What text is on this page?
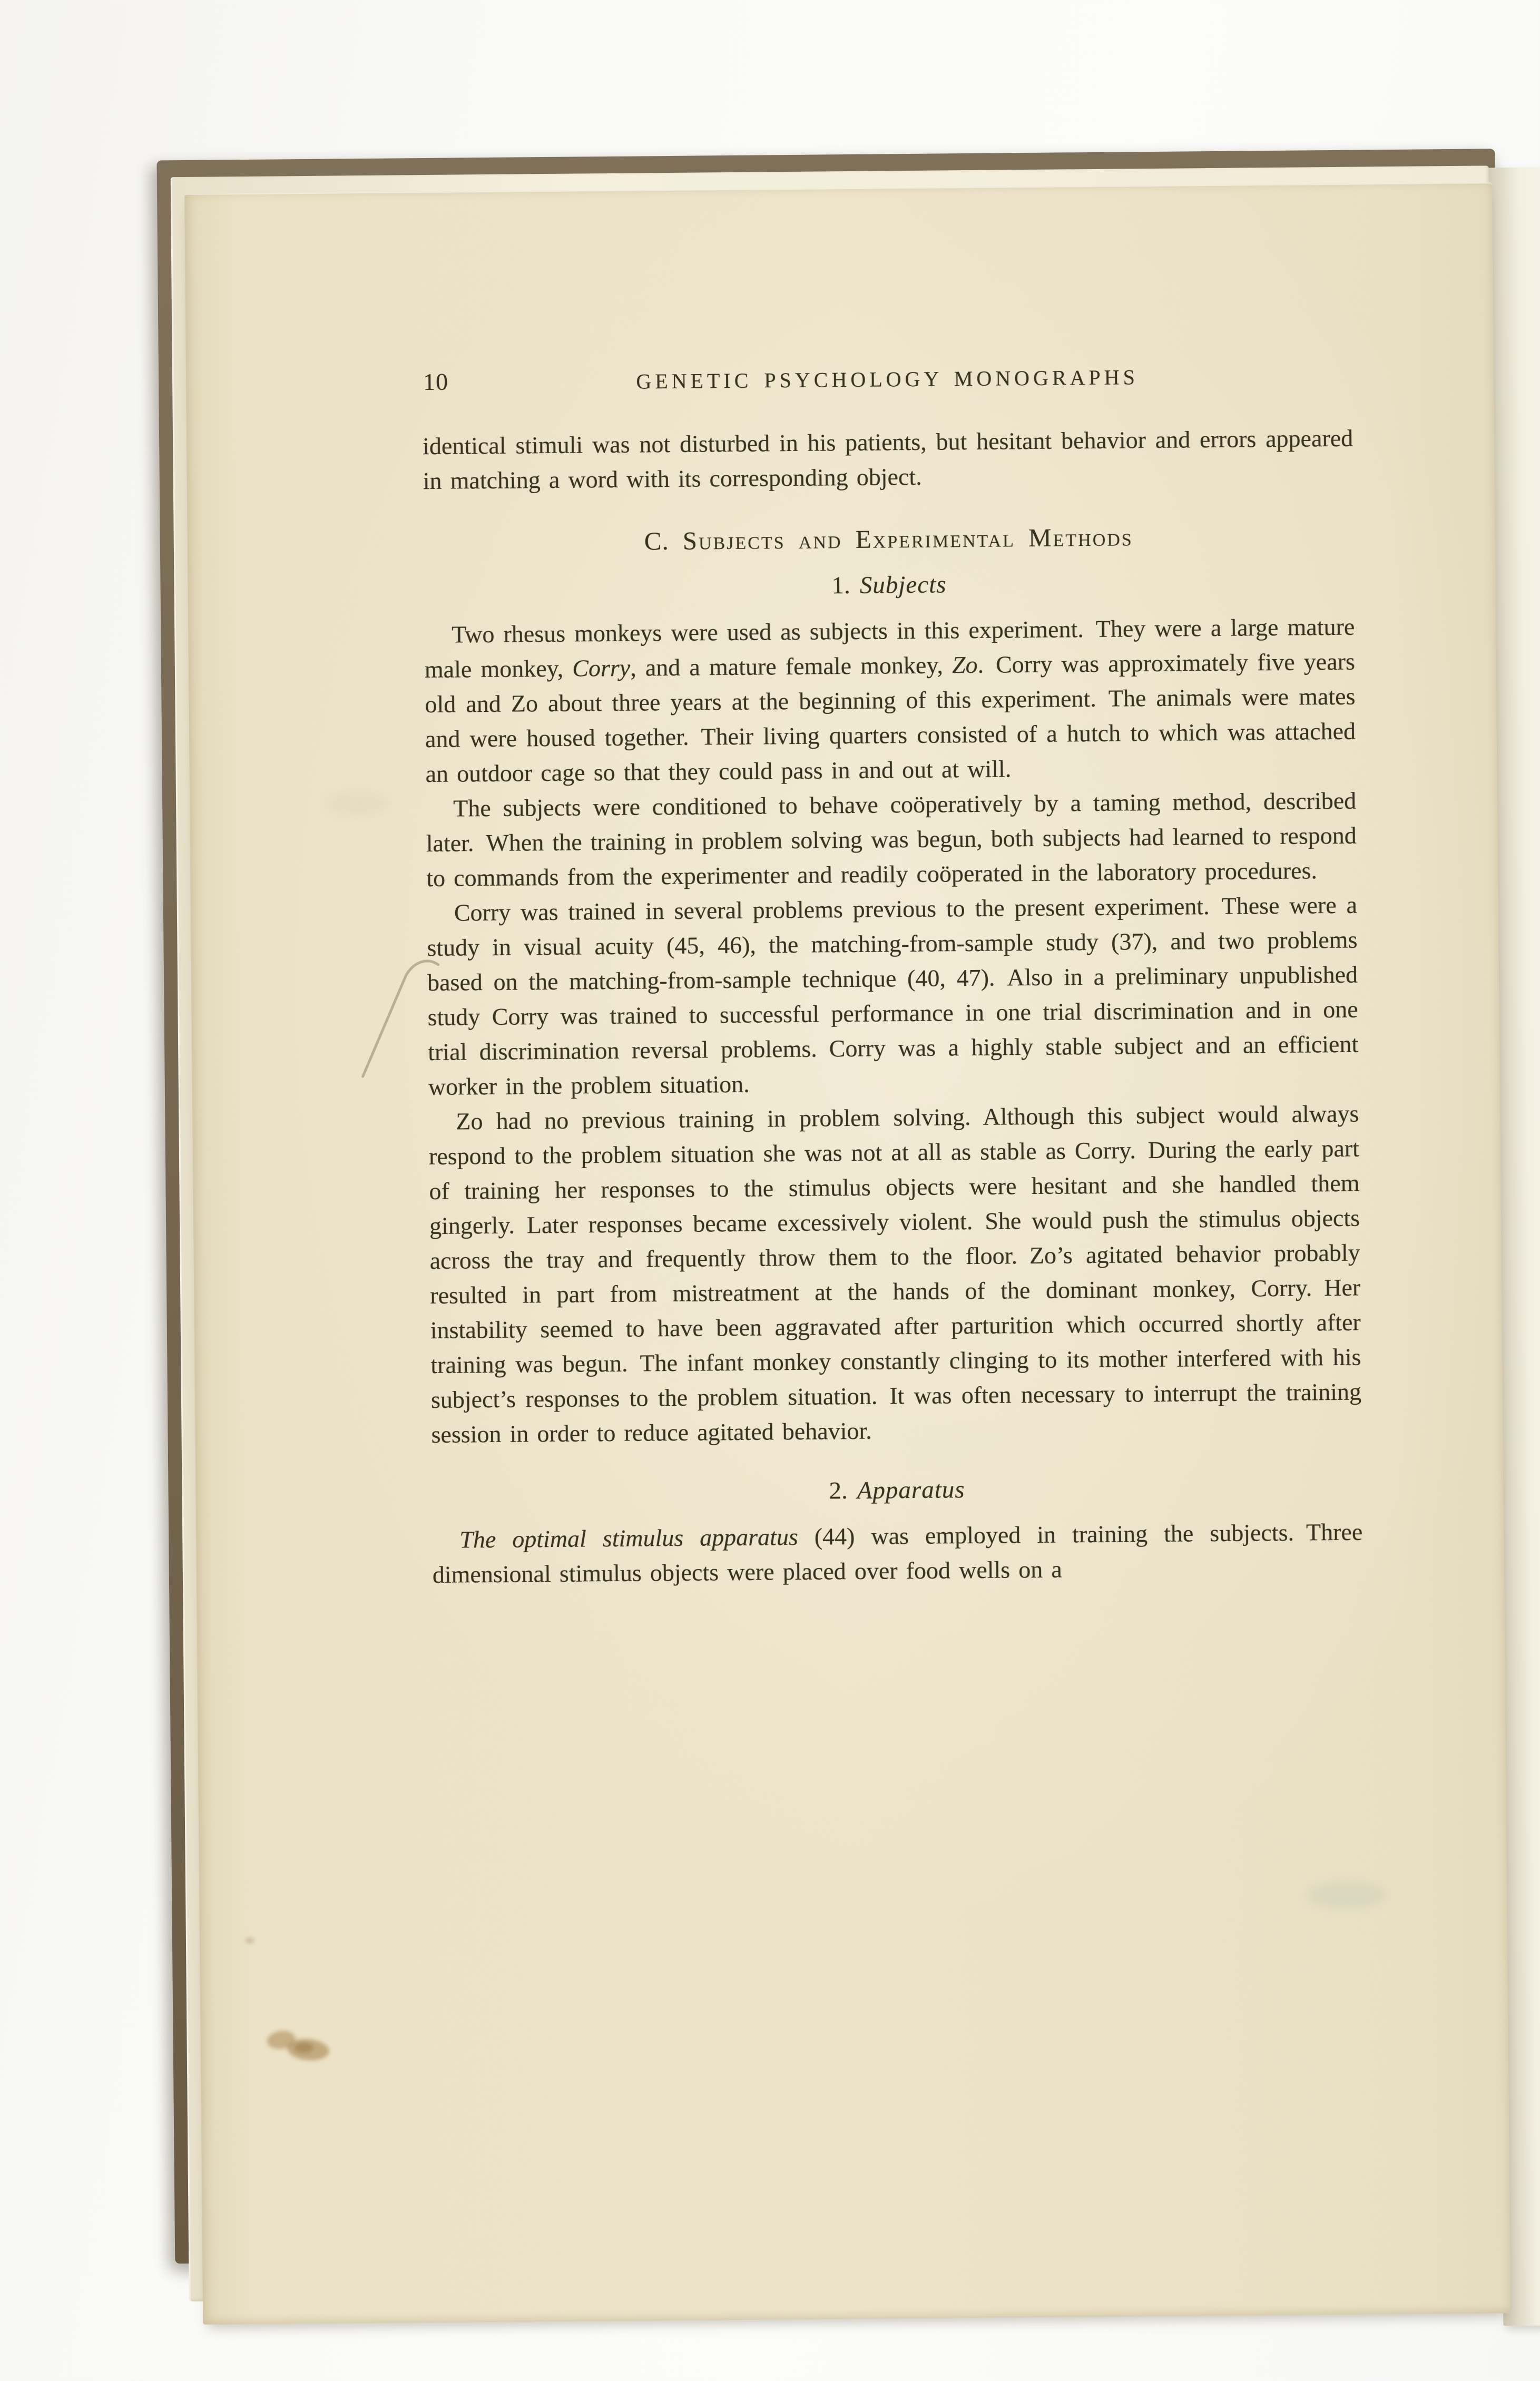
10	GENETIC PSYCHOLOGY MONOGRAPHS

identical stimuli was not disturbed in his patients, but hesitant behavior and errors appeared in matching a word with its corresponding object.

C. Subjects and Experimental Methods
1. Subjects

Two rhesus monkeys were used as subjects in this experiment. They were a large mature male monkey, Corry, and a mature female monkey, Zo. Corry was approximately five years old and Zo about three years at the beginning of this experiment. The animals were mates and were housed together. Their living quarters consisted of a hutch to which was attached an outdoor cage so that they could pass in and out at will.

The subjects were conditioned to behave coöperatively by a taming method, described later. When the training in problem solving was begun, both subjects had learned to respond to commands from the experimenter and readily coöperated in the laboratory procedures.

Corry was trained in several problems previous to the present experiment. These were a study in visual acuity (45, 46), the matching-from-sample study (37), and two problems based on the matching-from-sample technique (40, 47). Also in a preliminary unpublished study Corry was trained to successful performance in one trial discrimination and in one trial discrimination reversal problems. Corry was a highly stable subject and an efficient worker in the problem situation.

Zo had no previous training in problem solving. Although this subject would always respond to the problem situation she was not at all as stable as Corry. During the early part of training her responses to the stimulus objects were hesitant and she handled them gingerly. Later responses became excessively violent. She would push the stimulus objects across the tray and frequently throw them to the floor. Zo’s agitated behavior probably resulted in part from mistreatment at the hands of the dominant monkey, Corry. Her instability seemed to have been aggravated after parturition which occurred shortly after training was begun. The infant monkey constantly clinging to its mother interfered with his subject’s responses to the problem situation. It was often necessary to interrupt the training session in order to reduce agitated behavior.

2. Apparatus

The optimal stimulus apparatus (44) was employed in training the subjects. Three dimensional stimulus objects were placed over food wells on a
